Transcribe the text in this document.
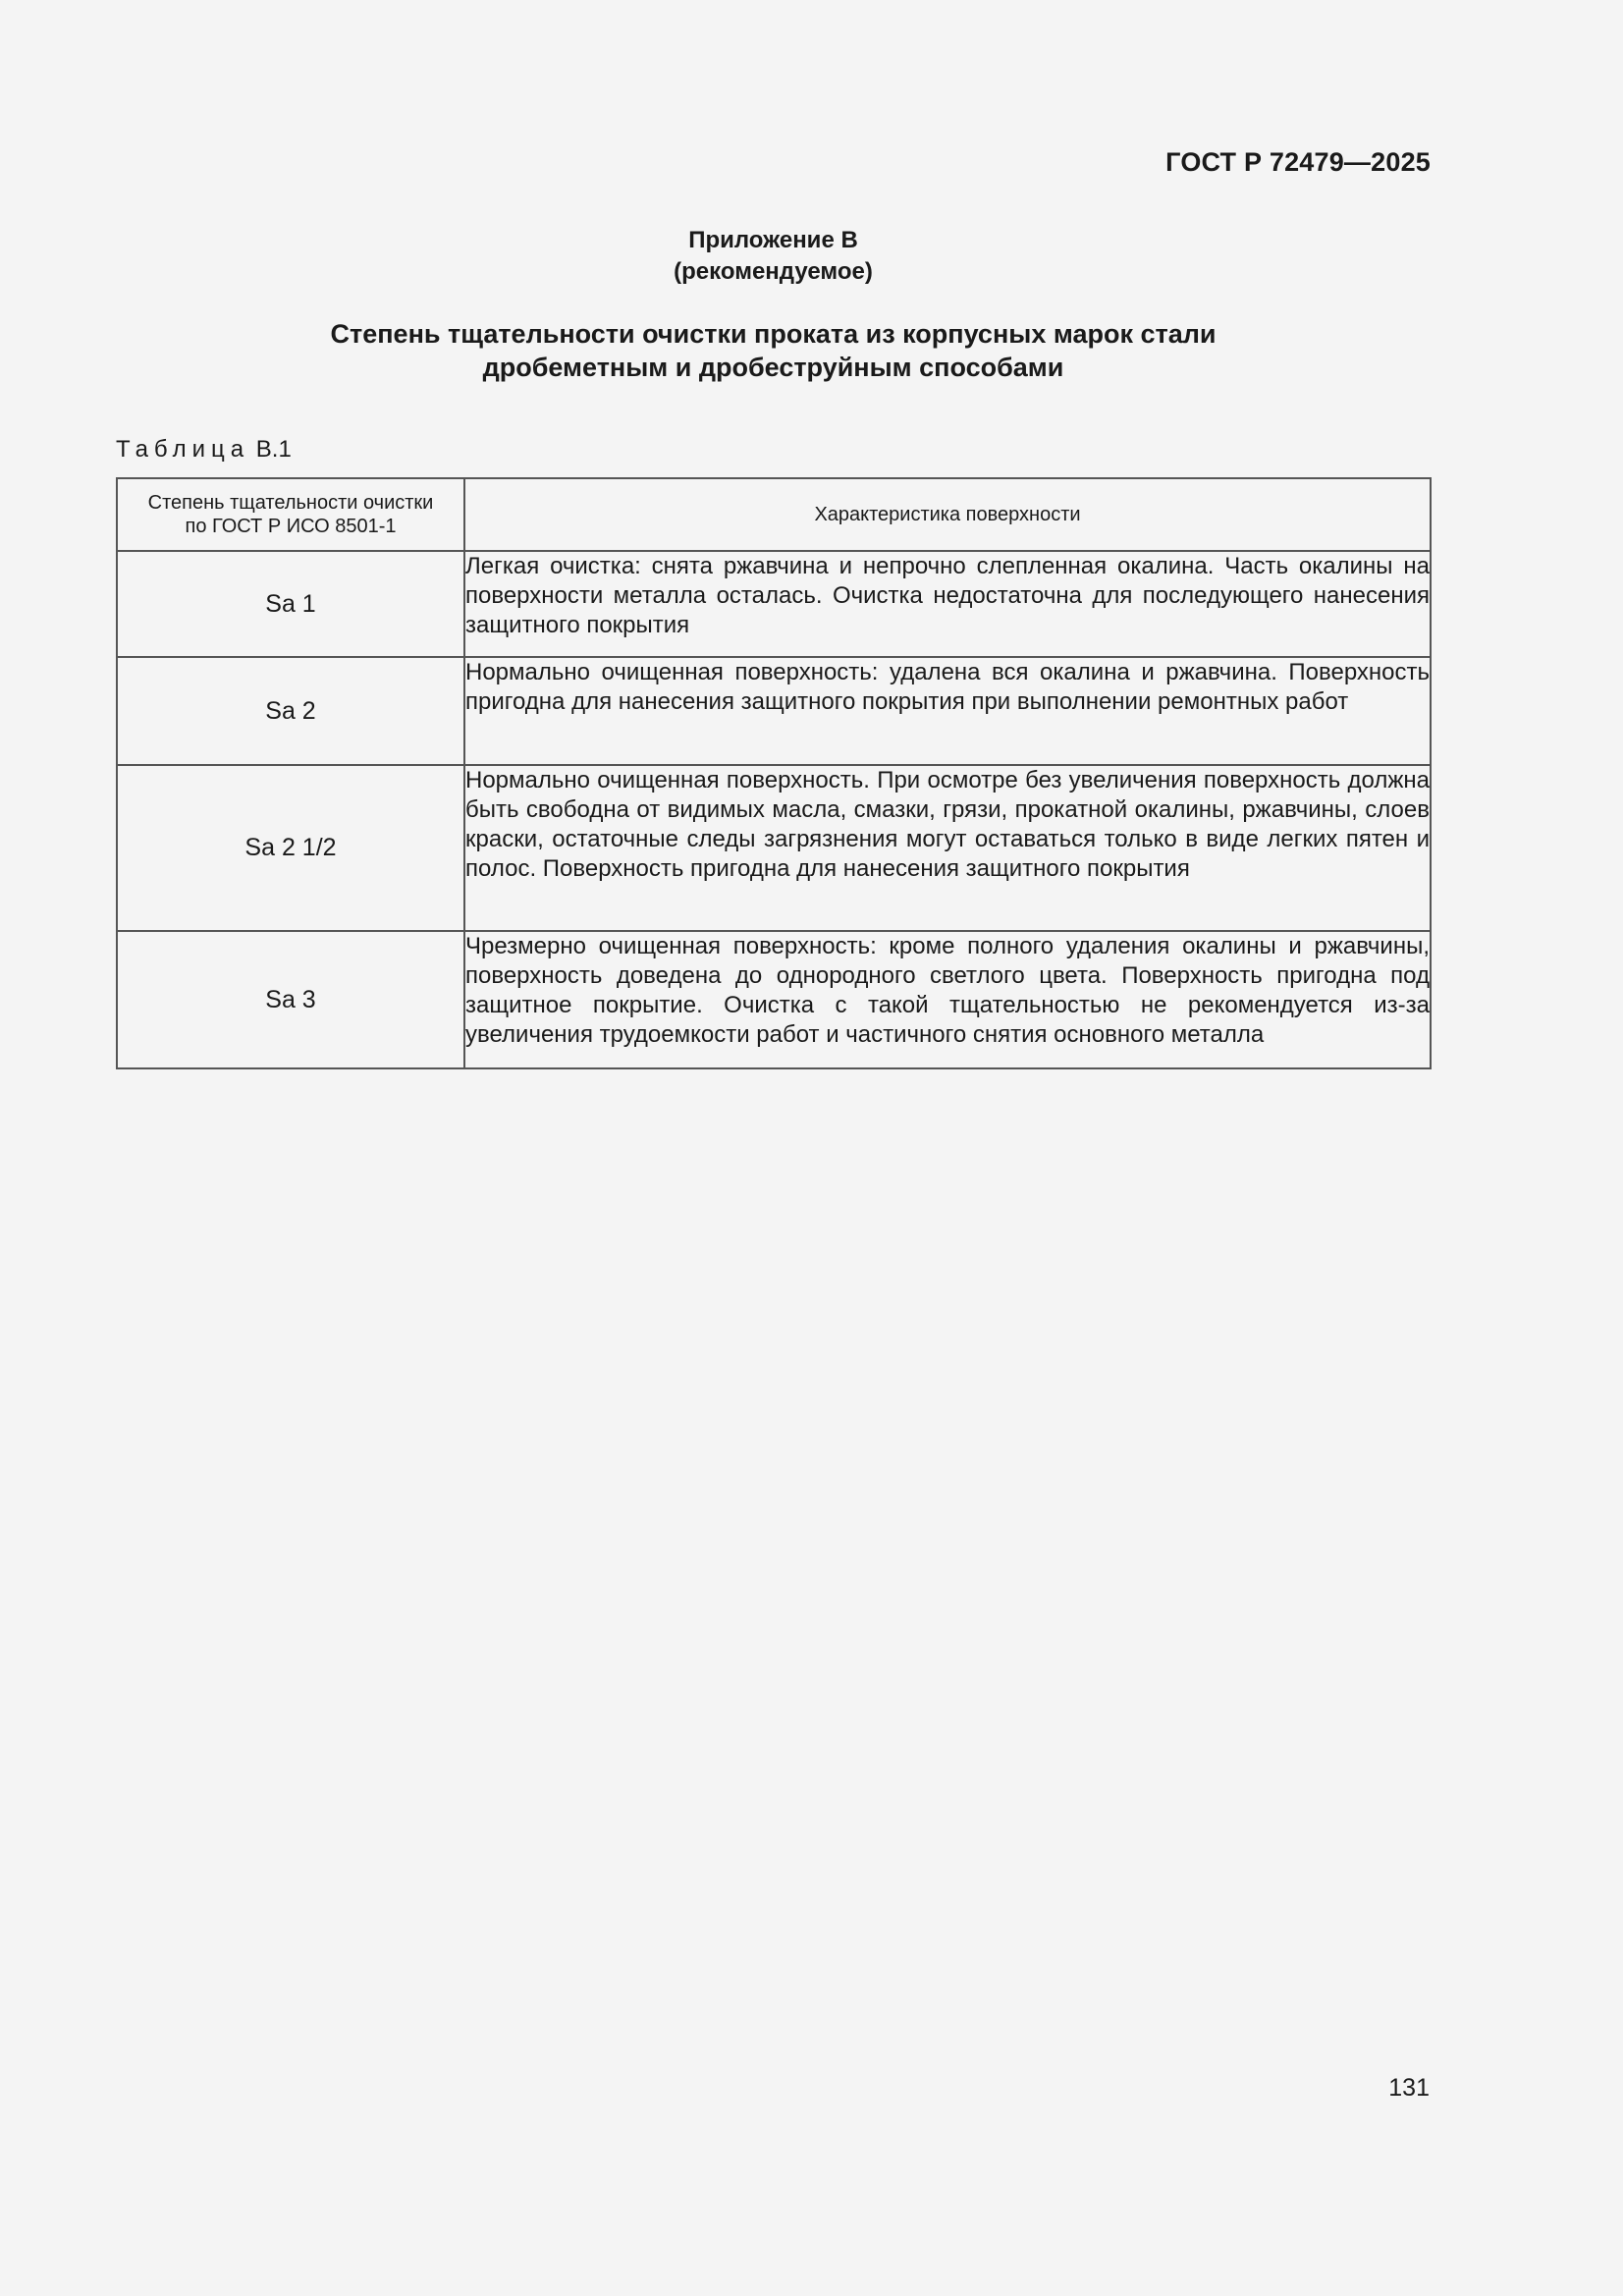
ГОСТ Р 72479—2025
Приложение В
(рекомендуемое)
Степень тщательности очистки проката из корпусных марок стали
дробеметным и дробеструйным способами
Таблица В.1
Степень тщательности очистки
по ГОСТ Р ИСО 8501-1	Характеристика поверхности
Sa 1	Легкая очистка: снята ржавчина и непрочно слепленная окалина. Часть окалины на поверхности металла осталась. Очистка недостаточна для последующего нанесения защитного покрытия
Sa 2	Нормально очищенная поверхность: удалена вся окалина и ржавчина. Поверхность пригодна для нанесения защитного покрытия при выполнении ремонтных работ
Sa 2 1/2	Нормально очищенная поверхность. При осмотре без увеличения поверхность должна быть свободна от видимых масла, смазки, грязи, прокатной окалины, ржавчины, слоев краски, остаточные следы загрязнения могут оставаться только в виде легких пятен и полос. Поверхность пригодна для нанесения защитного покрытия
Sa 3	Чрезмерно очищенная поверхность: кроме полного удаления окалины и ржавчины, поверхность доведена до однородного светлого цвета. Поверхность пригодна под защитное покрытие. Очистка с такой тщательностью не рекомендуется из-за увеличения трудоемкости работ и частичного снятия основного металла
131
